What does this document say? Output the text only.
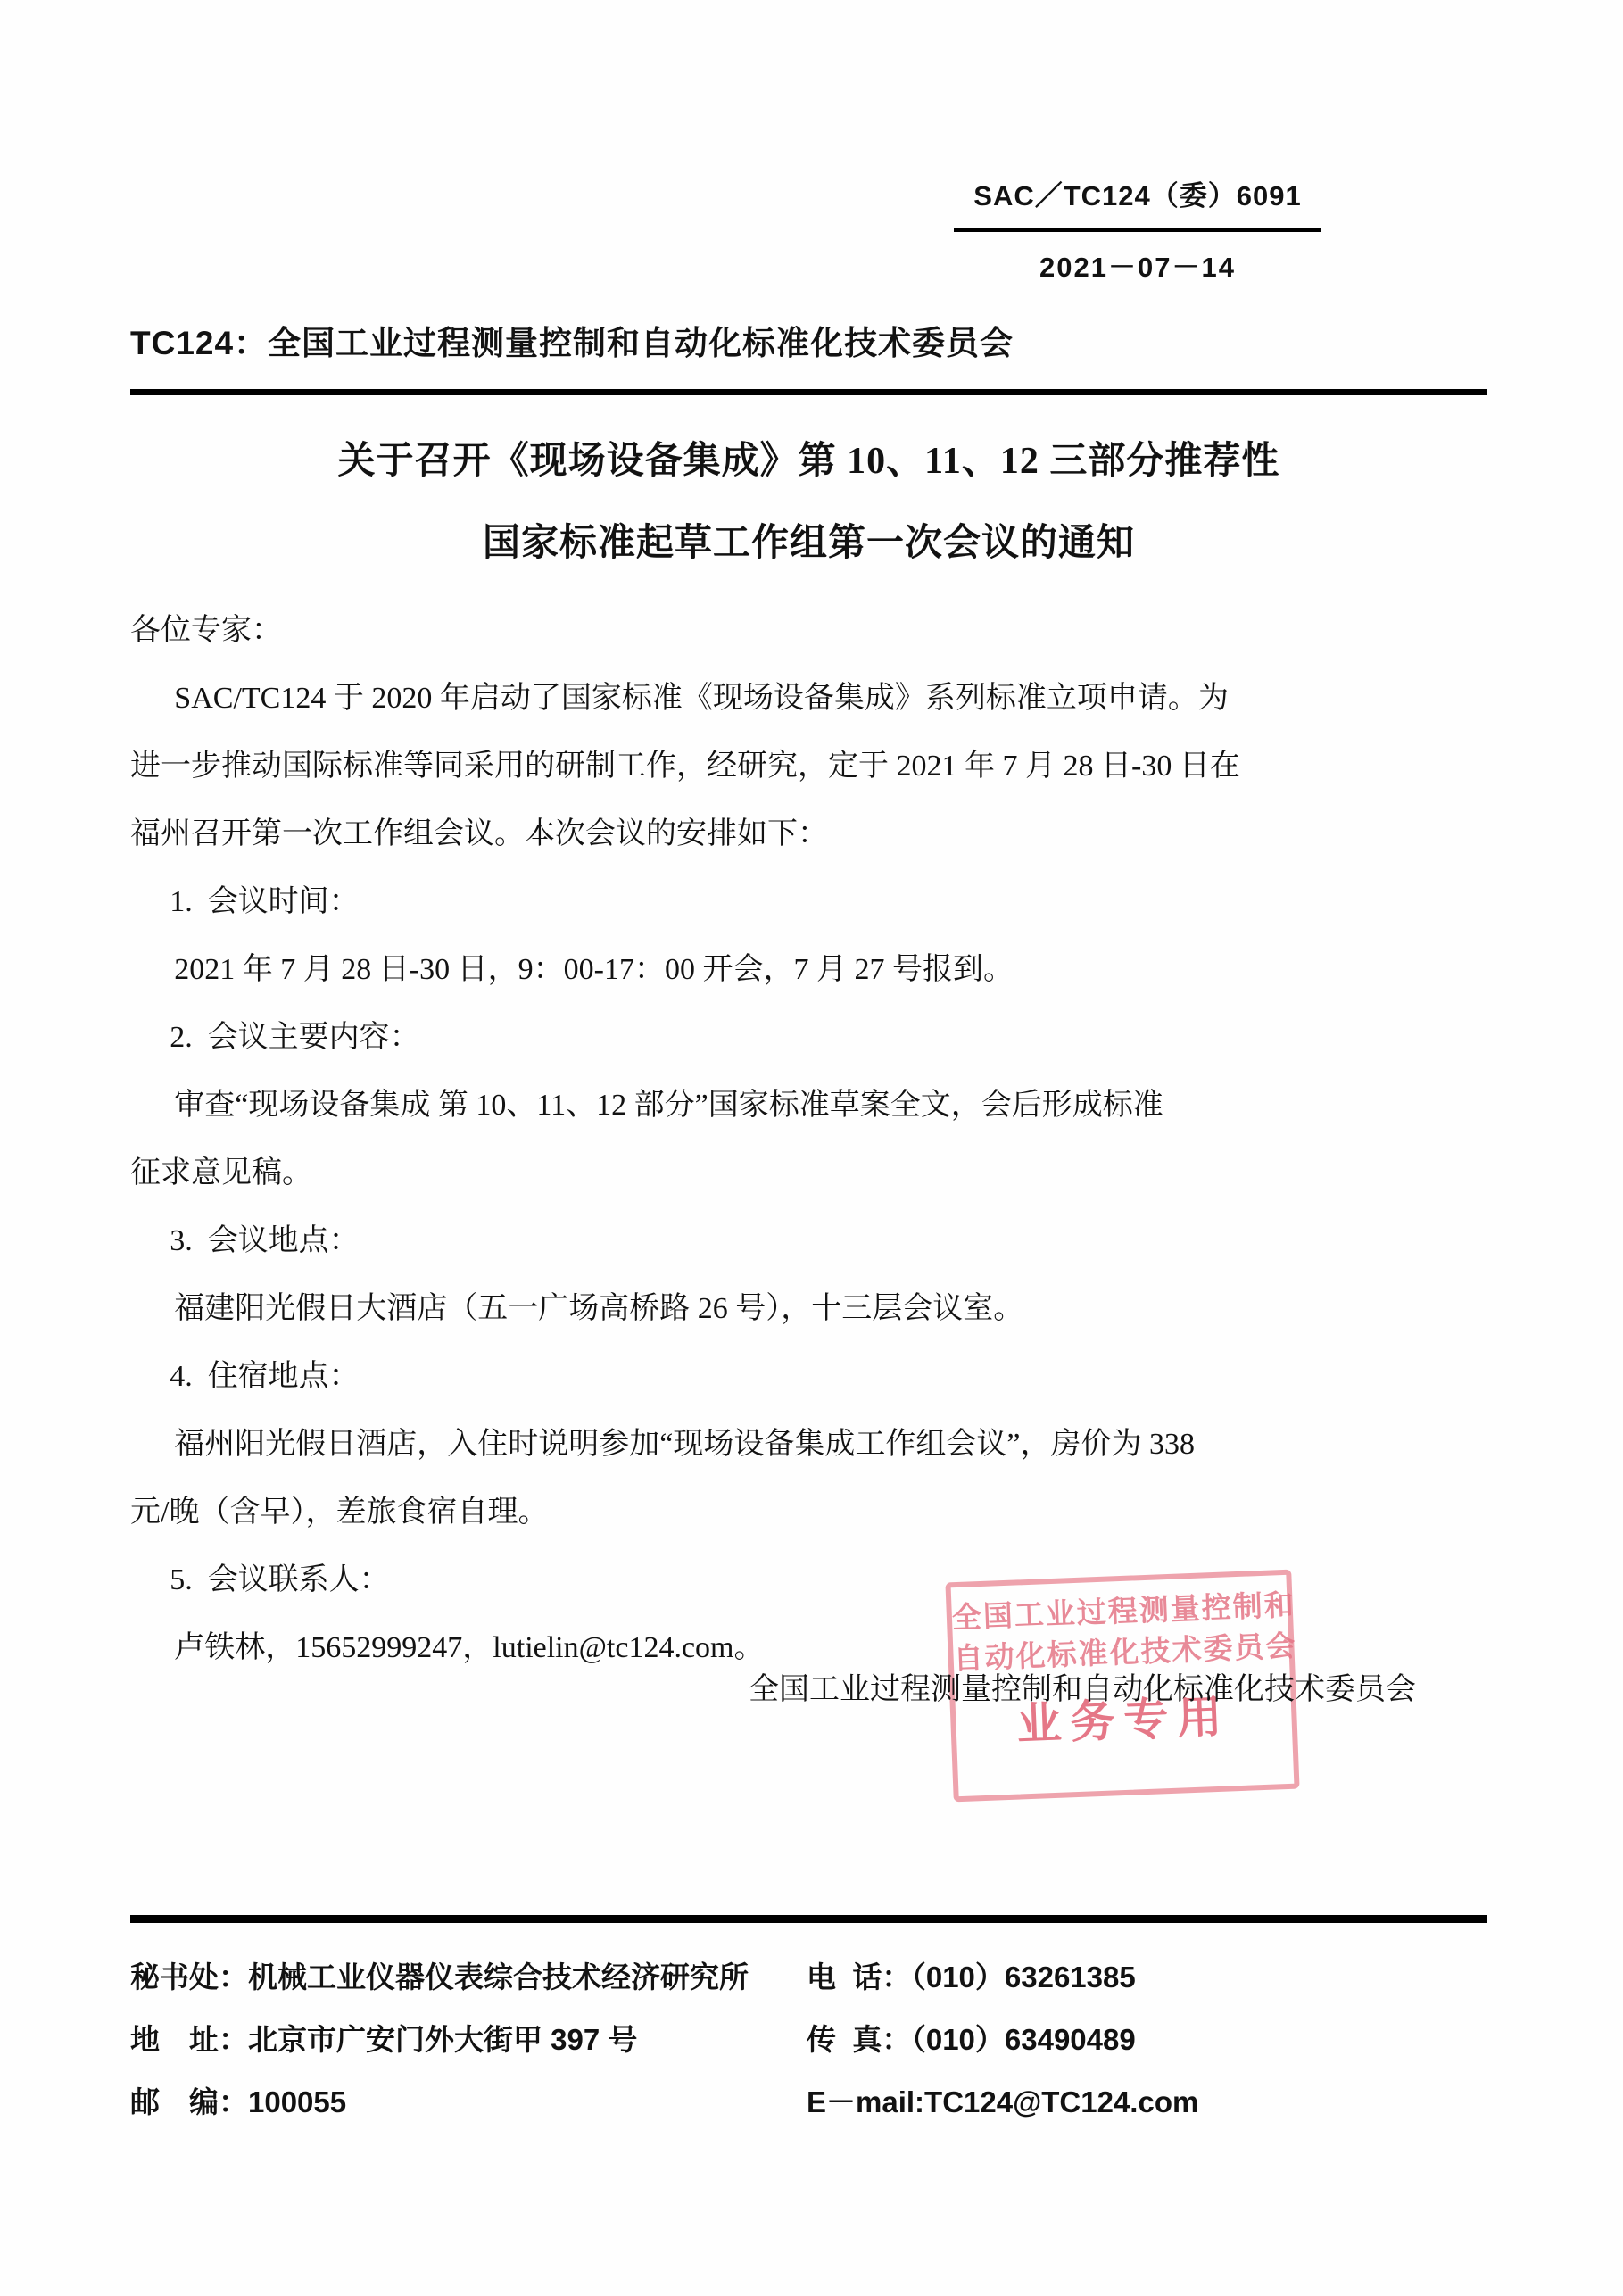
SAC／TC124（委）6091
2021－07－14
TC124：全国工业过程测量控制和自动化标准化技术委员会
关于召开《现场设备集成》第 10、11、12 三部分推荐性
国家标准起草工作组第一次会议的通知
各位专家：
SAC/TC124 于 2020 年启动了国家标准《现场设备集成》系列标准立项申请。为
进一步推动国际标准等同采用的研制工作，经研究，定于 2021 年 7 月 28 日-30 日在
福州召开第一次工作组会议。本次会议的安排如下：
1.  会议时间：
2021 年 7 月 28 日-30 日，9：00-17：00 开会，7 月 27 号报到。
2.  会议主要内容：
审查“现场设备集成 第 10、11、12 部分”国家标准草案全文，会后形成标准
征求意见稿。
3.  会议地点：
福建阳光假日大酒店（五一广场高桥路 26 号），十三层会议室。
4.  住宿地点：
福州阳光假日酒店，入住时说明参加“现场设备集成工作组会议”，房价为 338
元/晚（含早），差旅食宿自理。
5.  会议联系人：
卢铁林，15652999247，lutielin@tc124.com。
全国工业过程测量控制和
自动化标准化技术委员会
业务专用
全国工业过程测量控制和自动化标准化技术委员会
秘书处：机械工业仪器仪表综合技术经济研究所
地　址：北京市广安门外大街甲 397 号
邮　编：100055
电  话：（010）63261385
传  真：（010）63490489
E－mail:TC124@TC124.com
